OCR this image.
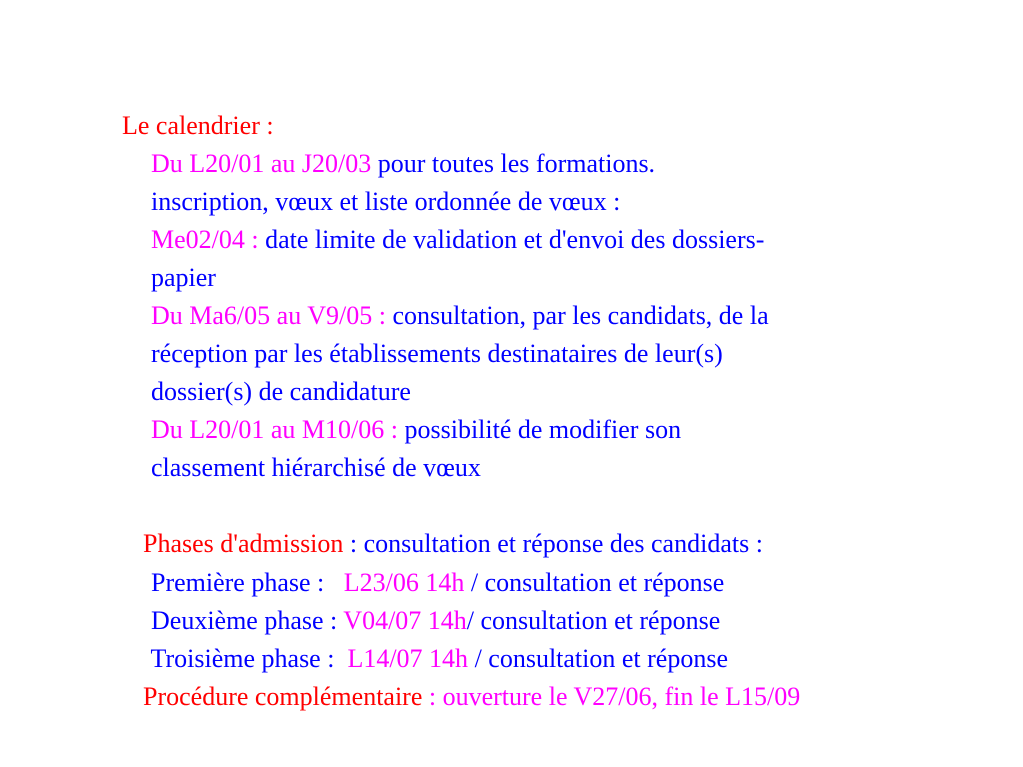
Le calendrier :

Du L20/01 au J20/03 pour toutes les formations.

inscription, vœux et liste ordonnée de vœux :

Me02/04 : date limite de validation et d'envoi des dossiers-

papier

Du Ma6/05 au V9/05 : consultation, par les candidats, de la

réception par les établissements destinataires de leur(s)

dossier(s) de candidature

Du L20/01 au M10/06 : possibilité de modifier son

classement hiérarchisé de vœux

Phases d'admission : consultation et réponse des candidats :

Première phase :   L23/06 14h / consultation et réponse

Deuxième phase : V04/07 14h/ consultation et réponse

Troisième phase :  L14/07 14h / consultation et réponse

Procédure complémentaire : ouverture le V27/06, fin le L15/09
